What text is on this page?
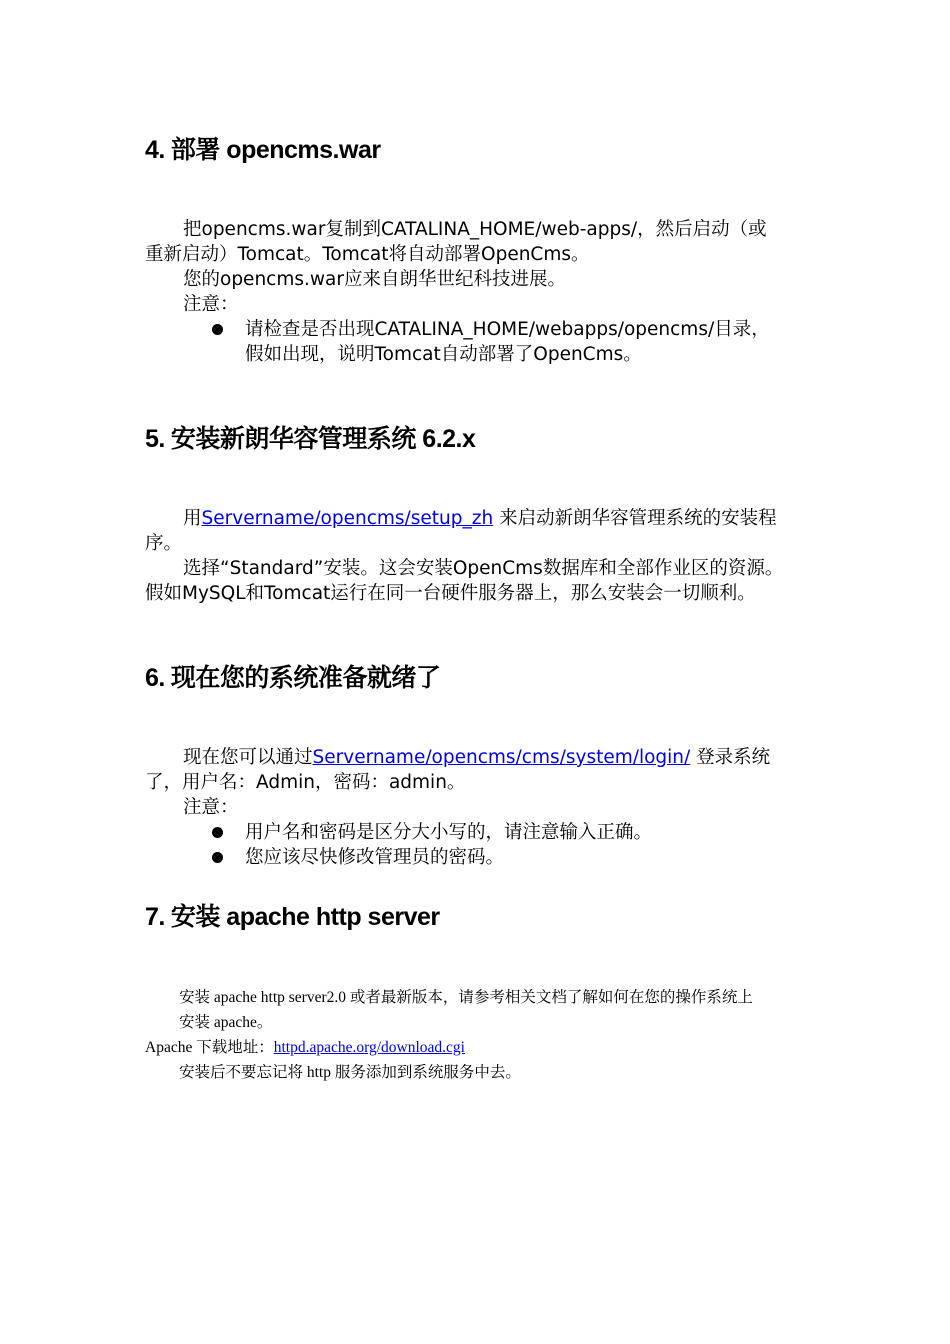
4. 部署 opencms.war
把opencms.war复制到CATALINA_HOME/web-apps/，然后启动（或
重新启动）Tomcat。Tomcat将自动部署OpenCms。
您的opencms.war应来自朗华世纪科技进展。
注意：
请检查是否出现CATALINA_HOME/webapps/opencms/目录，
假如出现，说明Tomcat自动部署了OpenCms。
5. 安装新朗华容管理系统 6.2.x
用Servername/opencms/setup_zh 来启动新朗华容管理系统的安装程
序。
选择“Standard”安装。这会安装OpenCms数据库和全部作业区的资源。
假如MySQL和Tomcat运行在同一台硬件服务器上，那么安装会一切顺利。
6. 现在您的系统准备就绪了
现在您可以通过Servername/opencms/cms/system/login/ 登录系统
了，用户名：Admin，密码：admin。
注意：
用户名和密码是区分大小写的，请注意输入正确。
您应该尽快修改管理员的密码。
7. 安装 apache http server
安装 apache http server2.0 或者最新版本，请参考相关文档了解如何在您的操作系统上
安装 apache。
Apache 下载地址：httpd.apache.org/download.cgi
安装后不要忘记将 http 服务添加到系统服务中去。
